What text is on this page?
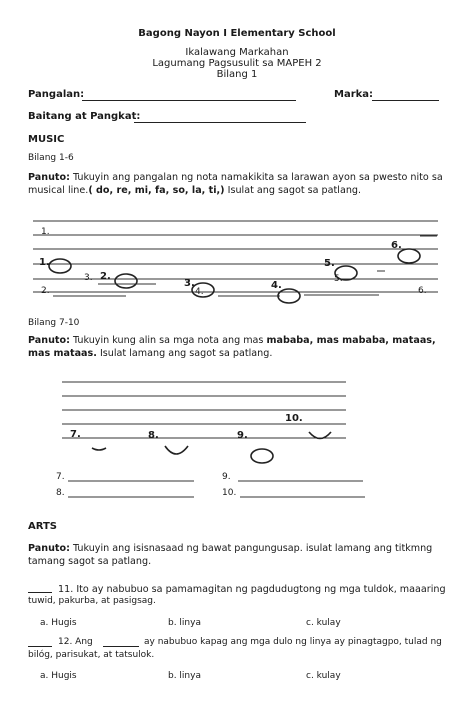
Bagong Nayon I Elementary School
Ikalawang Markahan
Lagumang Pagsusulit sa MAPEH 2
Bilang 1
Pangalan:	Marka:
Baitang at Pangkat:
MUSIC
Bilang 1-6
Panuto: Tukuyin ang pangalan ng nota namakikita sa larawan ayon sa pwesto nito sa
musical line.( do, re, mi, fa, so, la, ti,) Isulat ang sagot sa patlang.
1.
1.
2.
3. 2.
3.
4.
4.
5.
5.
6.
6.
Bilang 7-10
Panuto: Tukuyin kung alin sa mga nota ang mas mababa, mas mababa, mataas,
mas mataas. Isulat lamang ang sagot sa patlang.
7.	8.	9.
10.
7.	9.
8.	10.
ARTS
Panuto: Tukuyin ang isisnasaad ng bawat pangungusap. isulat lamang ang titkmng
tamang sagot sa patlang.
11. Ito ay nabubuo sa pamamagitan ng pagdudugtong ng mga tuldok, maaaring
tuwid, pakurba, at pasigsag.
a. Hugis	b. linya	c. kulay
12. Ang	ay nabubuo kapag ang mga dulo ng linya ay pinagtagpo, tulad ng
bilóg, parisukat, at tatsulok.
a. Hugis	b. linya	c. kulay
